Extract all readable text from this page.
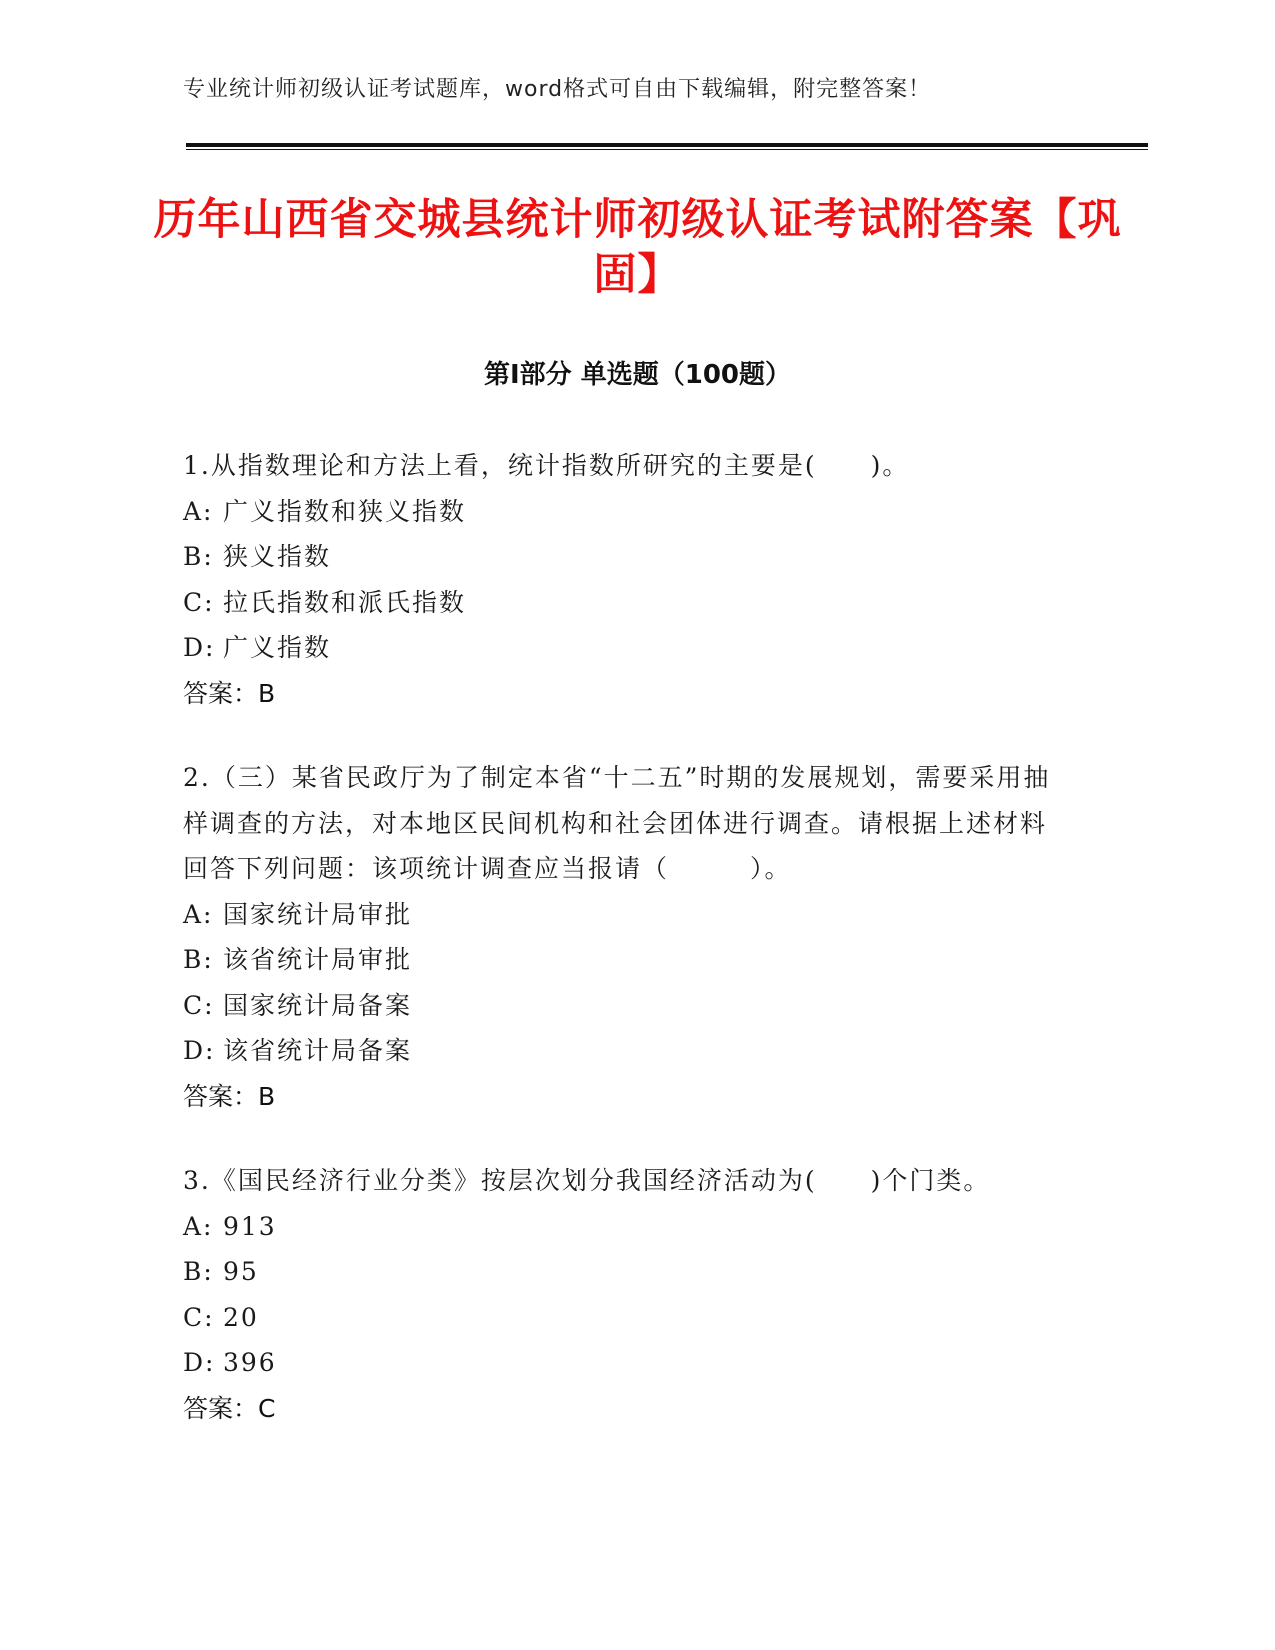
专业统计师初级认证考试题库，word格式可自由下载编辑，附完整答案！
历年山西省交城县统计师初级认证考试附答案【巩固】
第Ⅰ部分 单选题（100题）
1.从指数理论和方法上看，统计指数所研究的主要是(　　)。
A: 广义指数和狭义指数
B: 狭义指数
C: 拉氏指数和派氏指数
D: 广义指数
答案：B
2.（三）某省民政厅为了制定本省“十二五”时期的发展规划，需要采用抽样调查的方法，对本地区民间机构和社会团体进行调查。请根据上述材料回答下列问题：该项统计调查应当报请（　　　）。
A: 国家统计局审批
B: 该省统计局审批
C: 国家统计局备案
D: 该省统计局备案
答案：B
3.《国民经济行业分类》按层次划分我国经济活动为(　　)个门类。
A: 913
B: 95
C: 20
D: 396
答案：C
